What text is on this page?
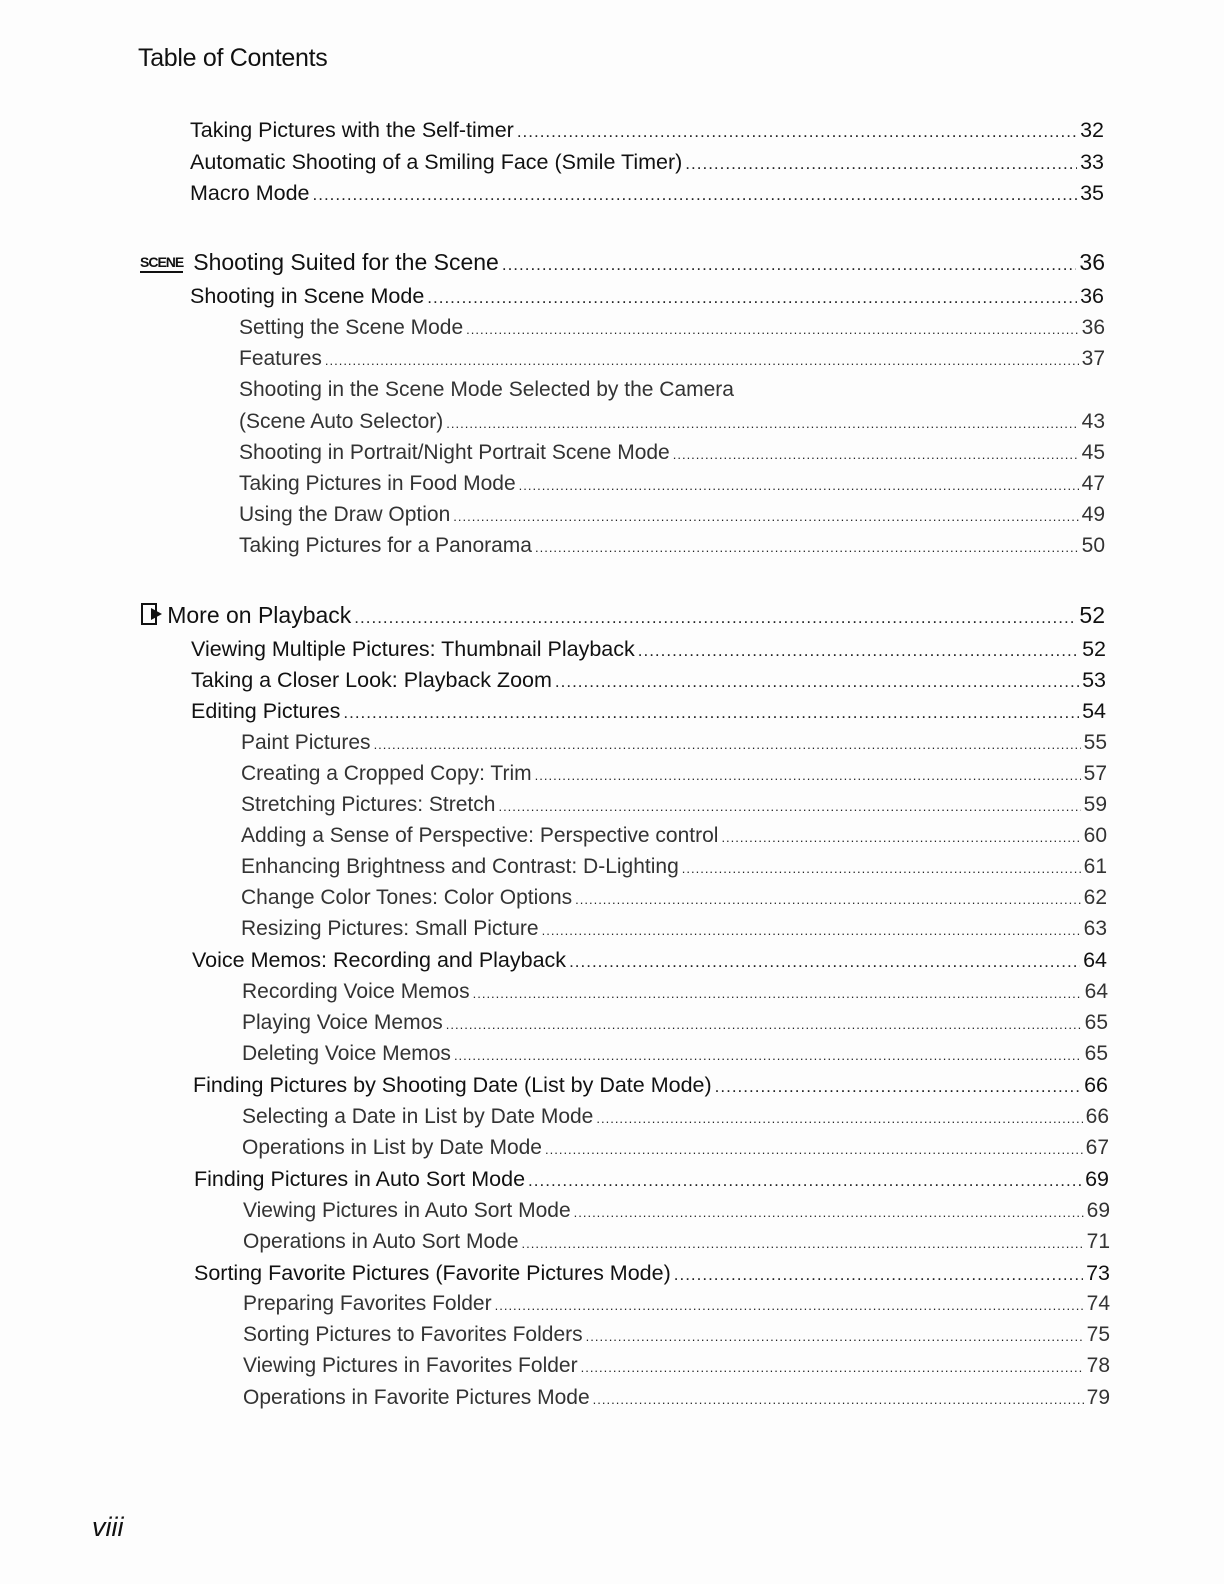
Table of Contents
Taking Pictures with the Self-timer .....	32
Automatic Shooting of a Smiling Face (Smile Timer) .....	33
Macro Mode .....	35
SCENE Shooting Suited for the Scene .....	36
Shooting in Scene Mode .....	36
Setting the Scene Mode .....	36
Features .....	37
Shooting in the Scene Mode Selected by the Camera
(Scene Auto Selector) .....	43
Shooting in Portrait/Night Portrait Scene Mode .....	45
Taking Pictures in Food Mode .....	47
Using the Draw Option .....	49
Taking Pictures for a Panorama .....	50
More on Playback .....	52
Viewing Multiple Pictures: Thumbnail Playback .....	52
Taking a Closer Look: Playback Zoom .....	53
Editing Pictures .....	54
Paint Pictures .....	55
Creating a Cropped Copy: Trim .....	57
Stretching Pictures: Stretch .....	59
Adding a Sense of Perspective: Perspective control .....	60
Enhancing Brightness and Contrast: D-Lighting .....	61
Change Color Tones: Color Options .....	62
Resizing Pictures: Small Picture .....	63
Voice Memos: Recording and Playback .....	64
Recording Voice Memos .....	64
Playing Voice Memos .....	65
Deleting Voice Memos .....	65
Finding Pictures by Shooting Date (List by Date Mode) .....	66
Selecting a Date in List by Date Mode .....	66
Operations in List by Date Mode .....	67
Finding Pictures in Auto Sort Mode .....	69
Viewing Pictures in Auto Sort Mode .....	69
Operations in Auto Sort Mode .....	71
Sorting Favorite Pictures (Favorite Pictures Mode) .....	73
Preparing Favorites Folder .....	74
Sorting Pictures to Favorites Folders .....	75
Viewing Pictures in Favorites Folder .....	78
Operations in Favorite Pictures Mode .....	79
viii
